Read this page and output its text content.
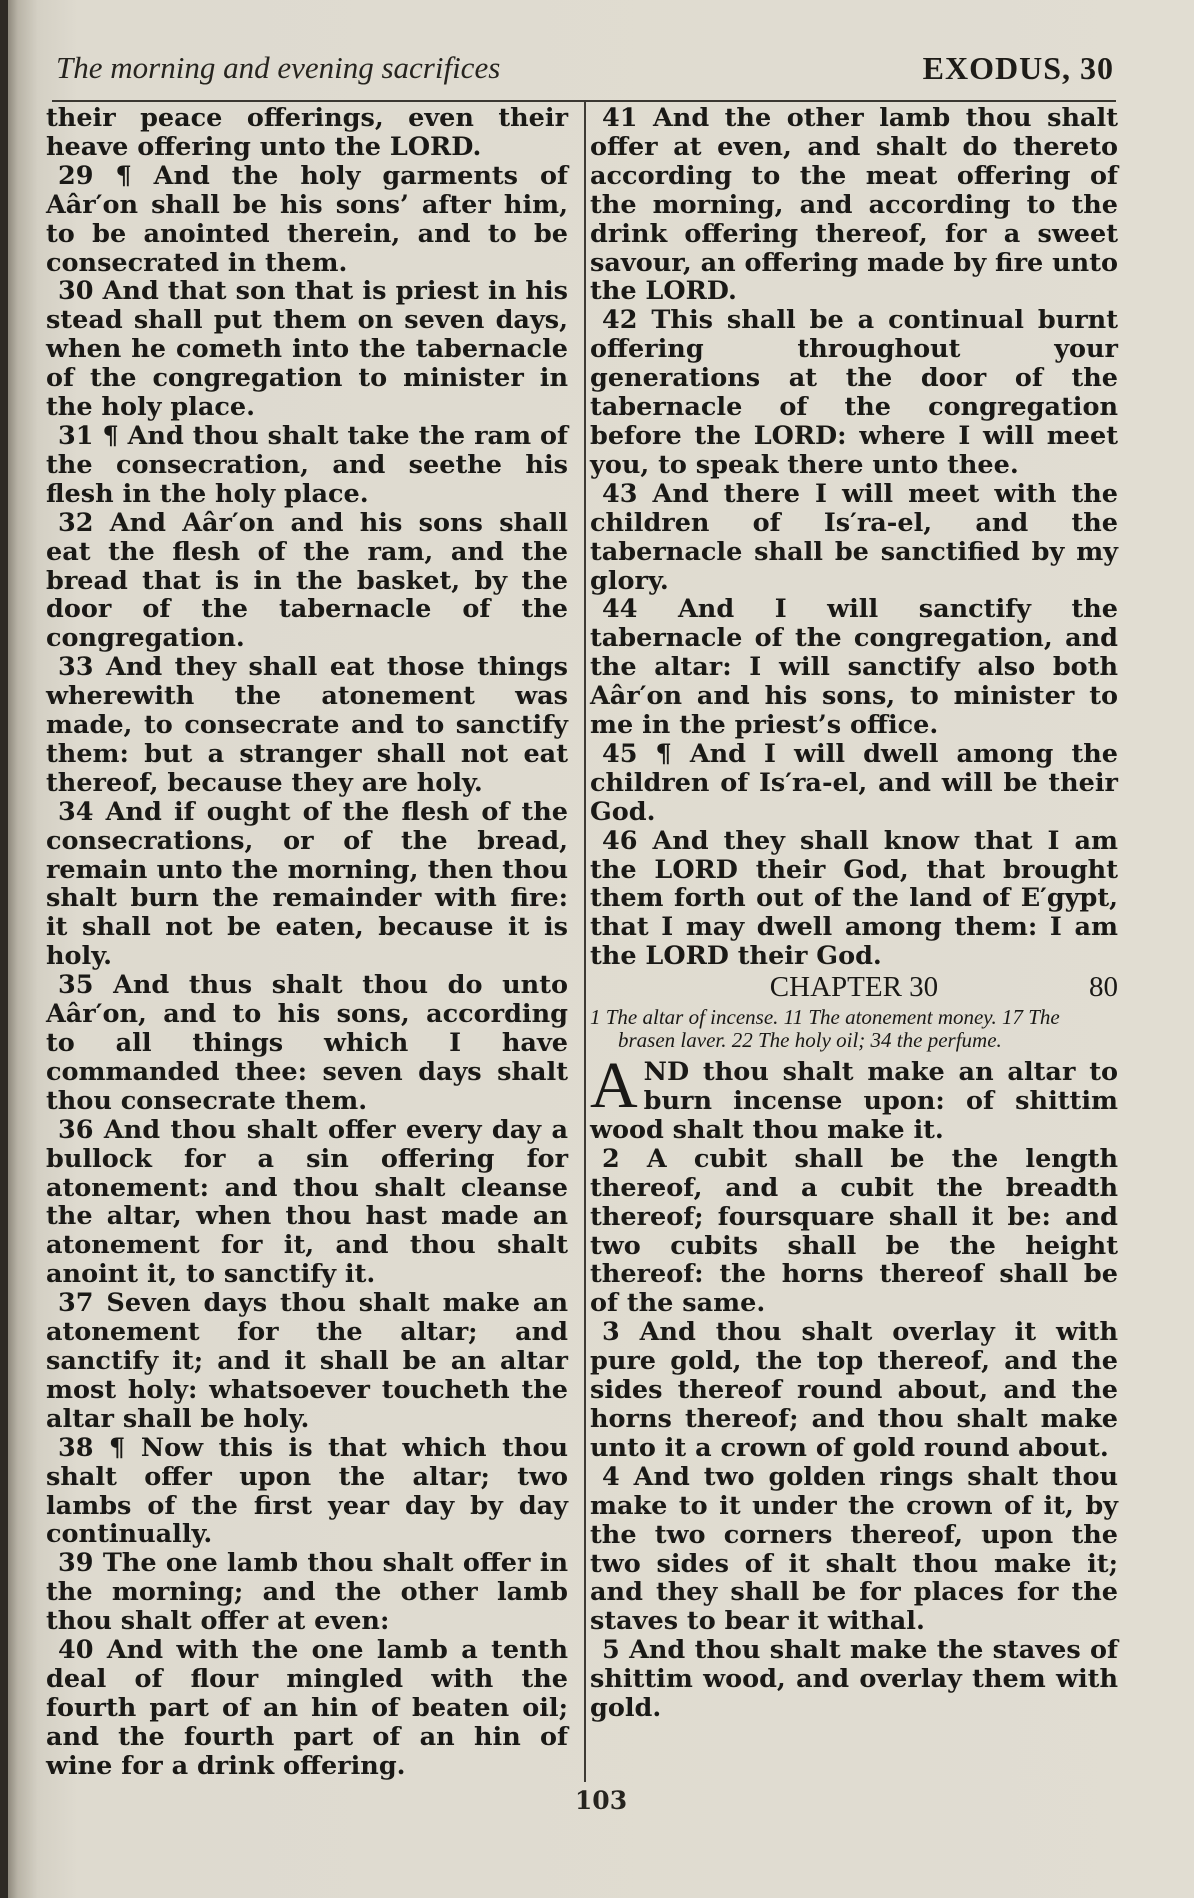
The morning and evening sacrifices	EXODUS, 30

their peace offerings, even their heave offering unto the LORD.

29 ¶ And the holy garments of Aâr′on shall be his sons’ after him, to be anointed therein, and to be consecrated in them.

30 And that son that is priest in his stead shall put them on seven days, when he cometh into the tabernacle of the congregation to minister in the holy place.

31 ¶ And thou shalt take the ram of the consecration, and seethe his flesh in the holy place.

32 And Aâr′on and his sons shall eat the flesh of the ram, and the bread that is in the basket, by the door of the tabernacle of the congregation.

33 And they shall eat those things wherewith the atonement was made, to consecrate and to sanctify them: but a stranger shall not eat thereof, because they are holy.

34 And if ought of the flesh of the consecrations, or of the bread, remain unto the morning, then thou shalt burn the remainder with fire: it shall not be eaten, because it is holy.

35 And thus shalt thou do unto Aâr′on, and to his sons, according to all things which I have commanded thee: seven days shalt thou consecrate them.

36 And thou shalt offer every day a bullock for a sin offering for atonement: and thou shalt cleanse the altar, when thou hast made an atonement for it, and thou shalt anoint it, to sanctify it.

37 Seven days thou shalt make an atonement for the altar; and sanctify it; and it shall be an altar most holy: whatsoever toucheth the altar shall be holy.

38 ¶ Now this is that which thou shalt offer upon the altar; two lambs of the first year day by day continually.

39 The one lamb thou shalt offer in the morning; and the other lamb thou shalt offer at even:

40 And with the one lamb a tenth deal of flour mingled with the fourth part of an hin of beaten oil; and the fourth part of an hin of wine for a drink offering.

41 And the other lamb thou shalt offer at even, and shalt do thereto according to the meat offering of the morning, and according to the drink offering thereof, for a sweet savour, an offering made by fire unto the LORD.

42 This shall be a continual burnt offering throughout your generations at the door of the tabernacle of the congregation before the LORD: where I will meet you, to speak there unto thee.

43 And there I will meet with the children of Is′ra-el, and the tabernacle shall be sanctified by my glory.

44 And I will sanctify the tabernacle of the congregation, and the altar: I will sanctify also both Aâr′on and his sons, to minister to me in the priest’s office.

45 ¶ And I will dwell among the children of Is′ra-el, and will be their God.

46 And they shall know that I am the LORD their God, that brought them forth out of the land of E′gypt, that I may dwell among them: I am the LORD their God.

CHAPTER 30	80
1 The altar of incense. 11 The atonement money. 17 The brasen laver. 22 The holy oil; 34 the perfume.
A ND thou shalt make an altar to burn incense upon: of shittim wood shalt thou make it.

2 A cubit shall be the length thereof, and a cubit the breadth thereof; foursquare shall it be: and two cubits shall be the height thereof: the horns thereof shall be of the same.

3 And thou shalt overlay it with pure gold, the top thereof, and the sides thereof round about, and the horns thereof; and thou shalt make unto it a crown of gold round about.

4 And two golden rings shalt thou make to it under the crown of it, by the two corners thereof, upon the two sides of it shalt thou make it; and they shall be for places for the staves to bear it withal.

5 And thou shalt make the staves of shittim wood, and overlay them with gold.

103
